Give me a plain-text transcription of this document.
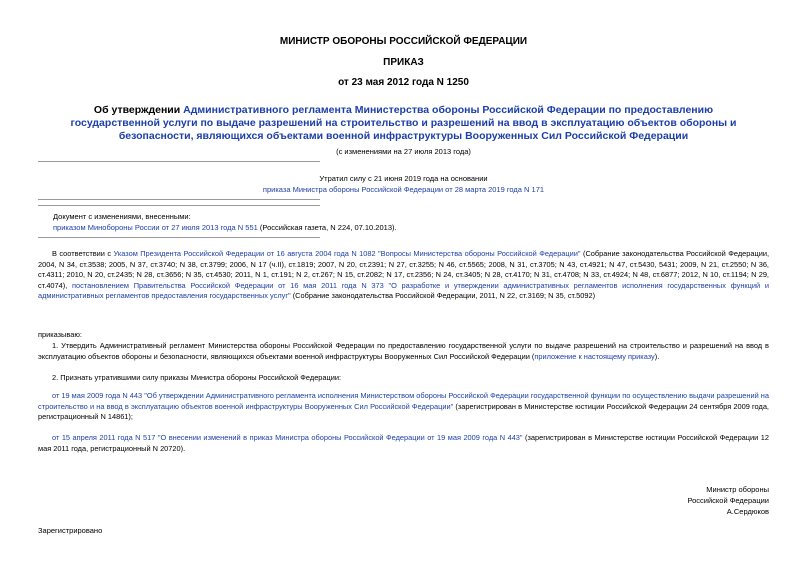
МИНИСТР ОБОРОНЫ РОССИЙСКОЙ ФЕДЕРАЦИИ
ПРИКАЗ
от 23 мая 2012 года N 1250
Об утверждении Административного регламента Министерства обороны Российской Федерации по предоставлению государственной услуги по выдаче разрешений на строительство и разрешений на ввод в эксплуатацию объектов обороны и безопасности, являющихся объектами военной инфраструктуры Вооруженных Сил Российской Федерации
(с изменениями на 27 июля 2013 года)
Утратил силу с 21 июня 2019 года на основании
приказа Министра обороны Российской Федерации от 28 марта 2019 года N 171
Документ с изменениями, внесенными:
приказом Минобороны России от 27 июля 2013 года N 551 (Российская газета, N 224, 07.10.2013).
В соответствии с Указом Президента Российской Федерации от 16 августа 2004 года N 1082 "Вопросы Министерства обороны Российской Федерации" (Собрание законодательства Российской Федерации, 2004, N 34, ст.3538; 2005, N 37, ст.3740; N 38, ст.3799; 2006, N 17 (ч.II), ст.1819; 2007, N 20, ст.2391; N 27, ст.3255; N 46, ст.5565; 2008, N 31, ст.3705; N 43, ст.4921; N 47, ст.5430, 5431; 2009, N 21, ст.2550; N 36, ст.4311; 2010, N 20, ст.2435; N 28, ст.3656; N 35, ст.4530; 2011, N 1, ст.191; N 2, ст.267; N 15, ст.2082; N 17, ст.2356; N 24, ст.3405; N 28, ст.4170; N 31, ст.4708; N 33, ст.4924; N 48, ст.6877; 2012, N 10, ст.1194; N 29, ст.4074), постановлением Правительства Российской Федерации от 16 мая 2011 года N 373 "О разработке и утверждении административных регламентов исполнения государственных функций и административных регламентов предоставления государственных услуг" (Собрание законодательства Российской Федерации, 2011, N 22, ст.3169; N 35, ст.5092)
приказываю:
1. Утвердить Административный регламент Министерства обороны Российской Федерации по предоставлению государственной услуги по выдаче разрешений на строительство и разрешений на ввод в эксплуатацию объектов обороны и безопасности, являющихся объектами военной инфраструктуры Вооруженных Сил Российской Федерации (приложение к настоящему приказу).
2. Признать утратившими силу приказы Министра обороны Российской Федерации:
от 19 мая 2009 года N 443 "Об утверждении Административного регламента исполнения Министерством обороны Российской Федерации государственной функции по осуществлению выдачи разрешений на строительство и на ввод в эксплуатацию объектов военной инфраструктуры Вооруженных Сил Российской Федерации" (зарегистрирован в Министерстве юстиции Российской Федерации 24 сентября 2009 года, регистрационный N 14861);
от 15 апреля 2011 года N 517 "О внесении изменений в приказ Министра обороны Российской Федерации от 19 мая 2009 года N 443" (зарегистрирован в Министерстве юстиции Российской Федерации 12 мая 2011 года, регистрационный N 20720).
Министр обороны
Российской Федерации
А.Сердюков
Зарегистрировано
